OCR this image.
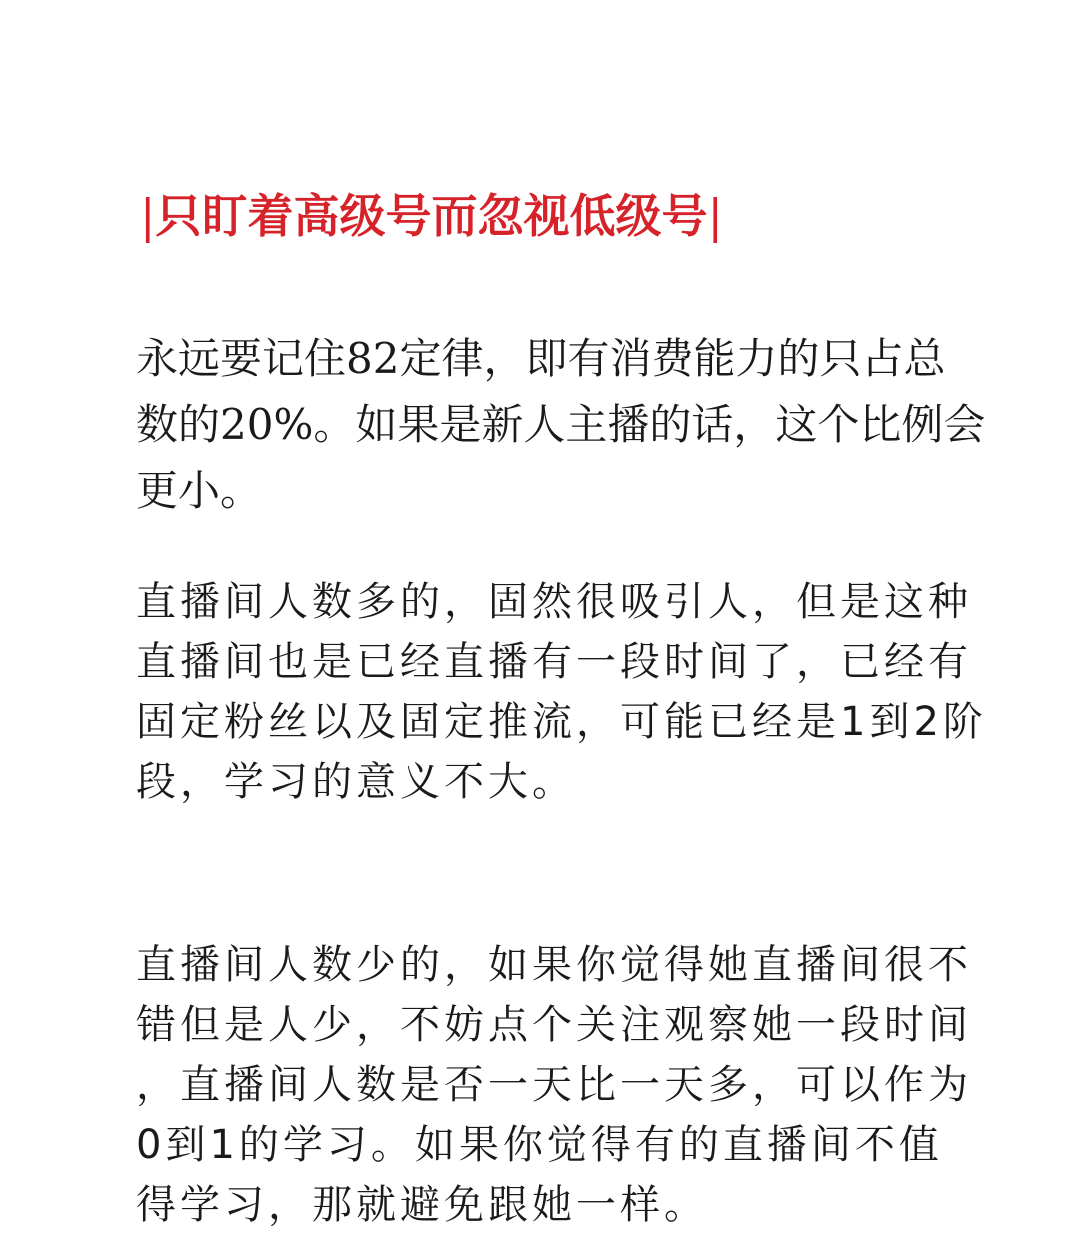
|只盯着高级号而忽视低级号|
永远要记住82定律，即有消费能力的只占总
数的20%。如果是新人主播的话，这个比例会
更小。
直播间人数多的，固然很吸引人，但是这种
直播间也是已经直播有一段时间了，已经有
固定粉丝以及固定推流，可能已经是1到2阶
段，学习的意义不大。
直播间人数少的，如果你觉得她直播间很不
错但是人少，不妨点个关注观察她一段时间
，直播间人数是否一天比一天多，可以作为
0到1的学习。如果你觉得有的直播间不值
得学习，那就避免跟她一样。
